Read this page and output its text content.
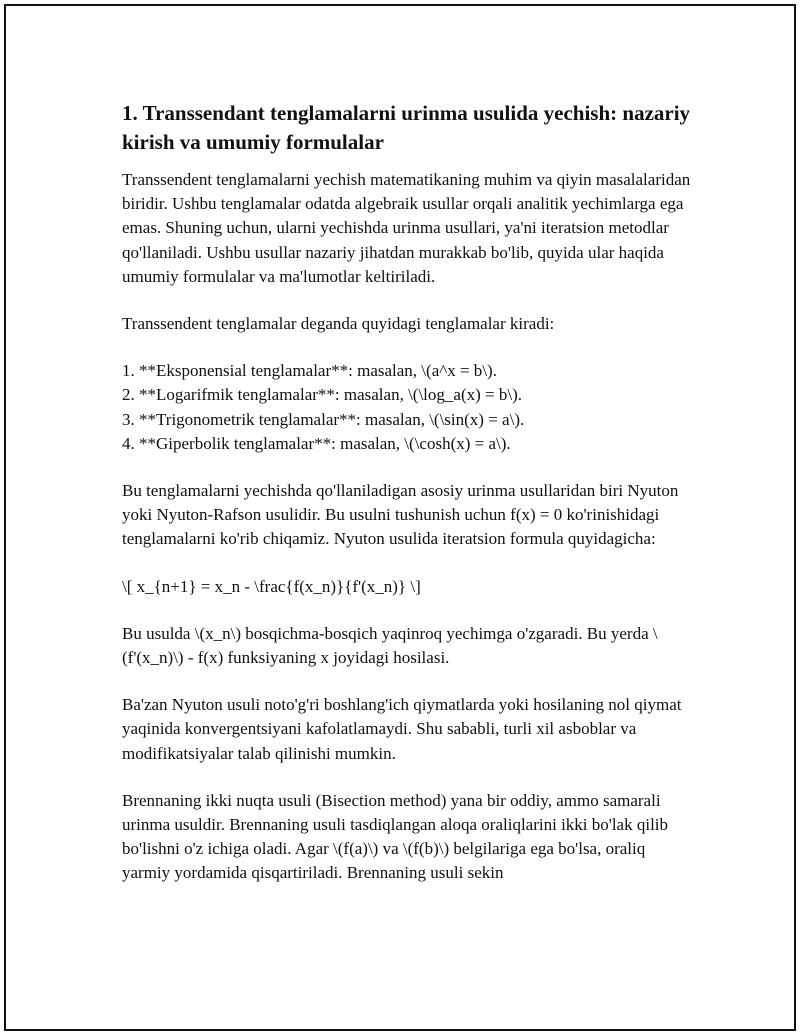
1. Transsendant tenglamalarni urinma usulida yechish: nazariy kirish va umumiy formulalar

Transsendent tenglamalarni yechish matematikaning muhim va qiyin masalalaridan biridir. Ushbu tenglamalar odatda algebraik usullar orqali analitik yechimlarga ega emas. Shuning uchun, ularni yechishda urinma usullari, ya'ni iteratsion metodlar qo'llaniladi. Ushbu usullar nazariy jihatdan murakkab bo'lib, quyida ular haqida umumiy formulalar va ma'lumotlar keltiriladi.

Transsendent tenglamalar deganda quyidagi tenglamalar kiradi:

1. **Eksponensial tenglamalar**: masalan, \(a^x = b\).
2. **Logarifmik tenglamalar**: masalan, \(\log_a(x) = b\).
3. **Trigonometrik tenglamalar**: masalan, \(\sin(x) = a\).
4. **Giperbolik tenglamalar**: masalan, \(\cosh(x) = a\).

Bu tenglamalarni yechishda qo'llaniladigan asosiy urinma usullaridan biri Nyuton yoki Nyuton-Rafson usulidir. Bu usulni tushunish uchun f(x) = 0 ko'rinishidagi tenglamalarni ko'rib chiqamiz. Nyuton usulida iteratsion formula quyidagicha:

\[ x_{n+1} = x_n - \frac{f(x_n)}{f'(x_n)} \]

Bu usulda \(x_n\) bosqichma-bosqich yaqinroq yechimga o'zgaradi. Bu yerda \(f'(x_n)\) - f(x) funksiyaning x joyidagi hosilasi.

Ba'zan Nyuton usuli noto'g'ri boshlang'ich qiymatlarda yoki hosilaning nol qiymat yaqinida konvergentsiyani kafolatlamaydi. Shu sababli, turli xil asboblar va modifikatsiyalar talab qilinishi mumkin.

Brennaning ikki nuqta usuli (Bisection method) yana bir oddiy, ammo samarali urinma usuldir. Brennaning usuli tasdiqlangan aloqa oraliqlarini ikki bo'lak qilib bo'lishni o'z ichiga oladi. Agar \(f(a)\) va \(f(b)\) belgilariga ega bo'lsa, oraliq yarmiy yordamida qisqartiriladi. Brennaning usuli sekin
